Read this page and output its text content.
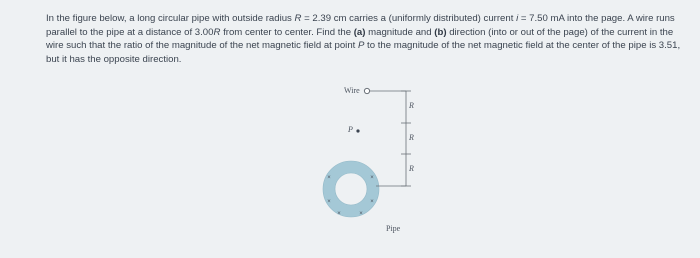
In the figure below, a long circular pipe with outside radius R = 2.39 cm carries a (uniformly distributed) current i = 7.50 mA into the page. A wire runs parallel to the pipe at a distance of 3.00R from center to center. Find the (a) magnitude and (b) direction (into or out of the page) of the current in the wire such that the ratio of the magnitude of the net magnetic field at point P to the magnitude of the net magnetic field at the center of the pipe is 3.51, but it has the opposite direction.

×
×	×
×
×	×
Wire
P
R
R
R
Pipe
